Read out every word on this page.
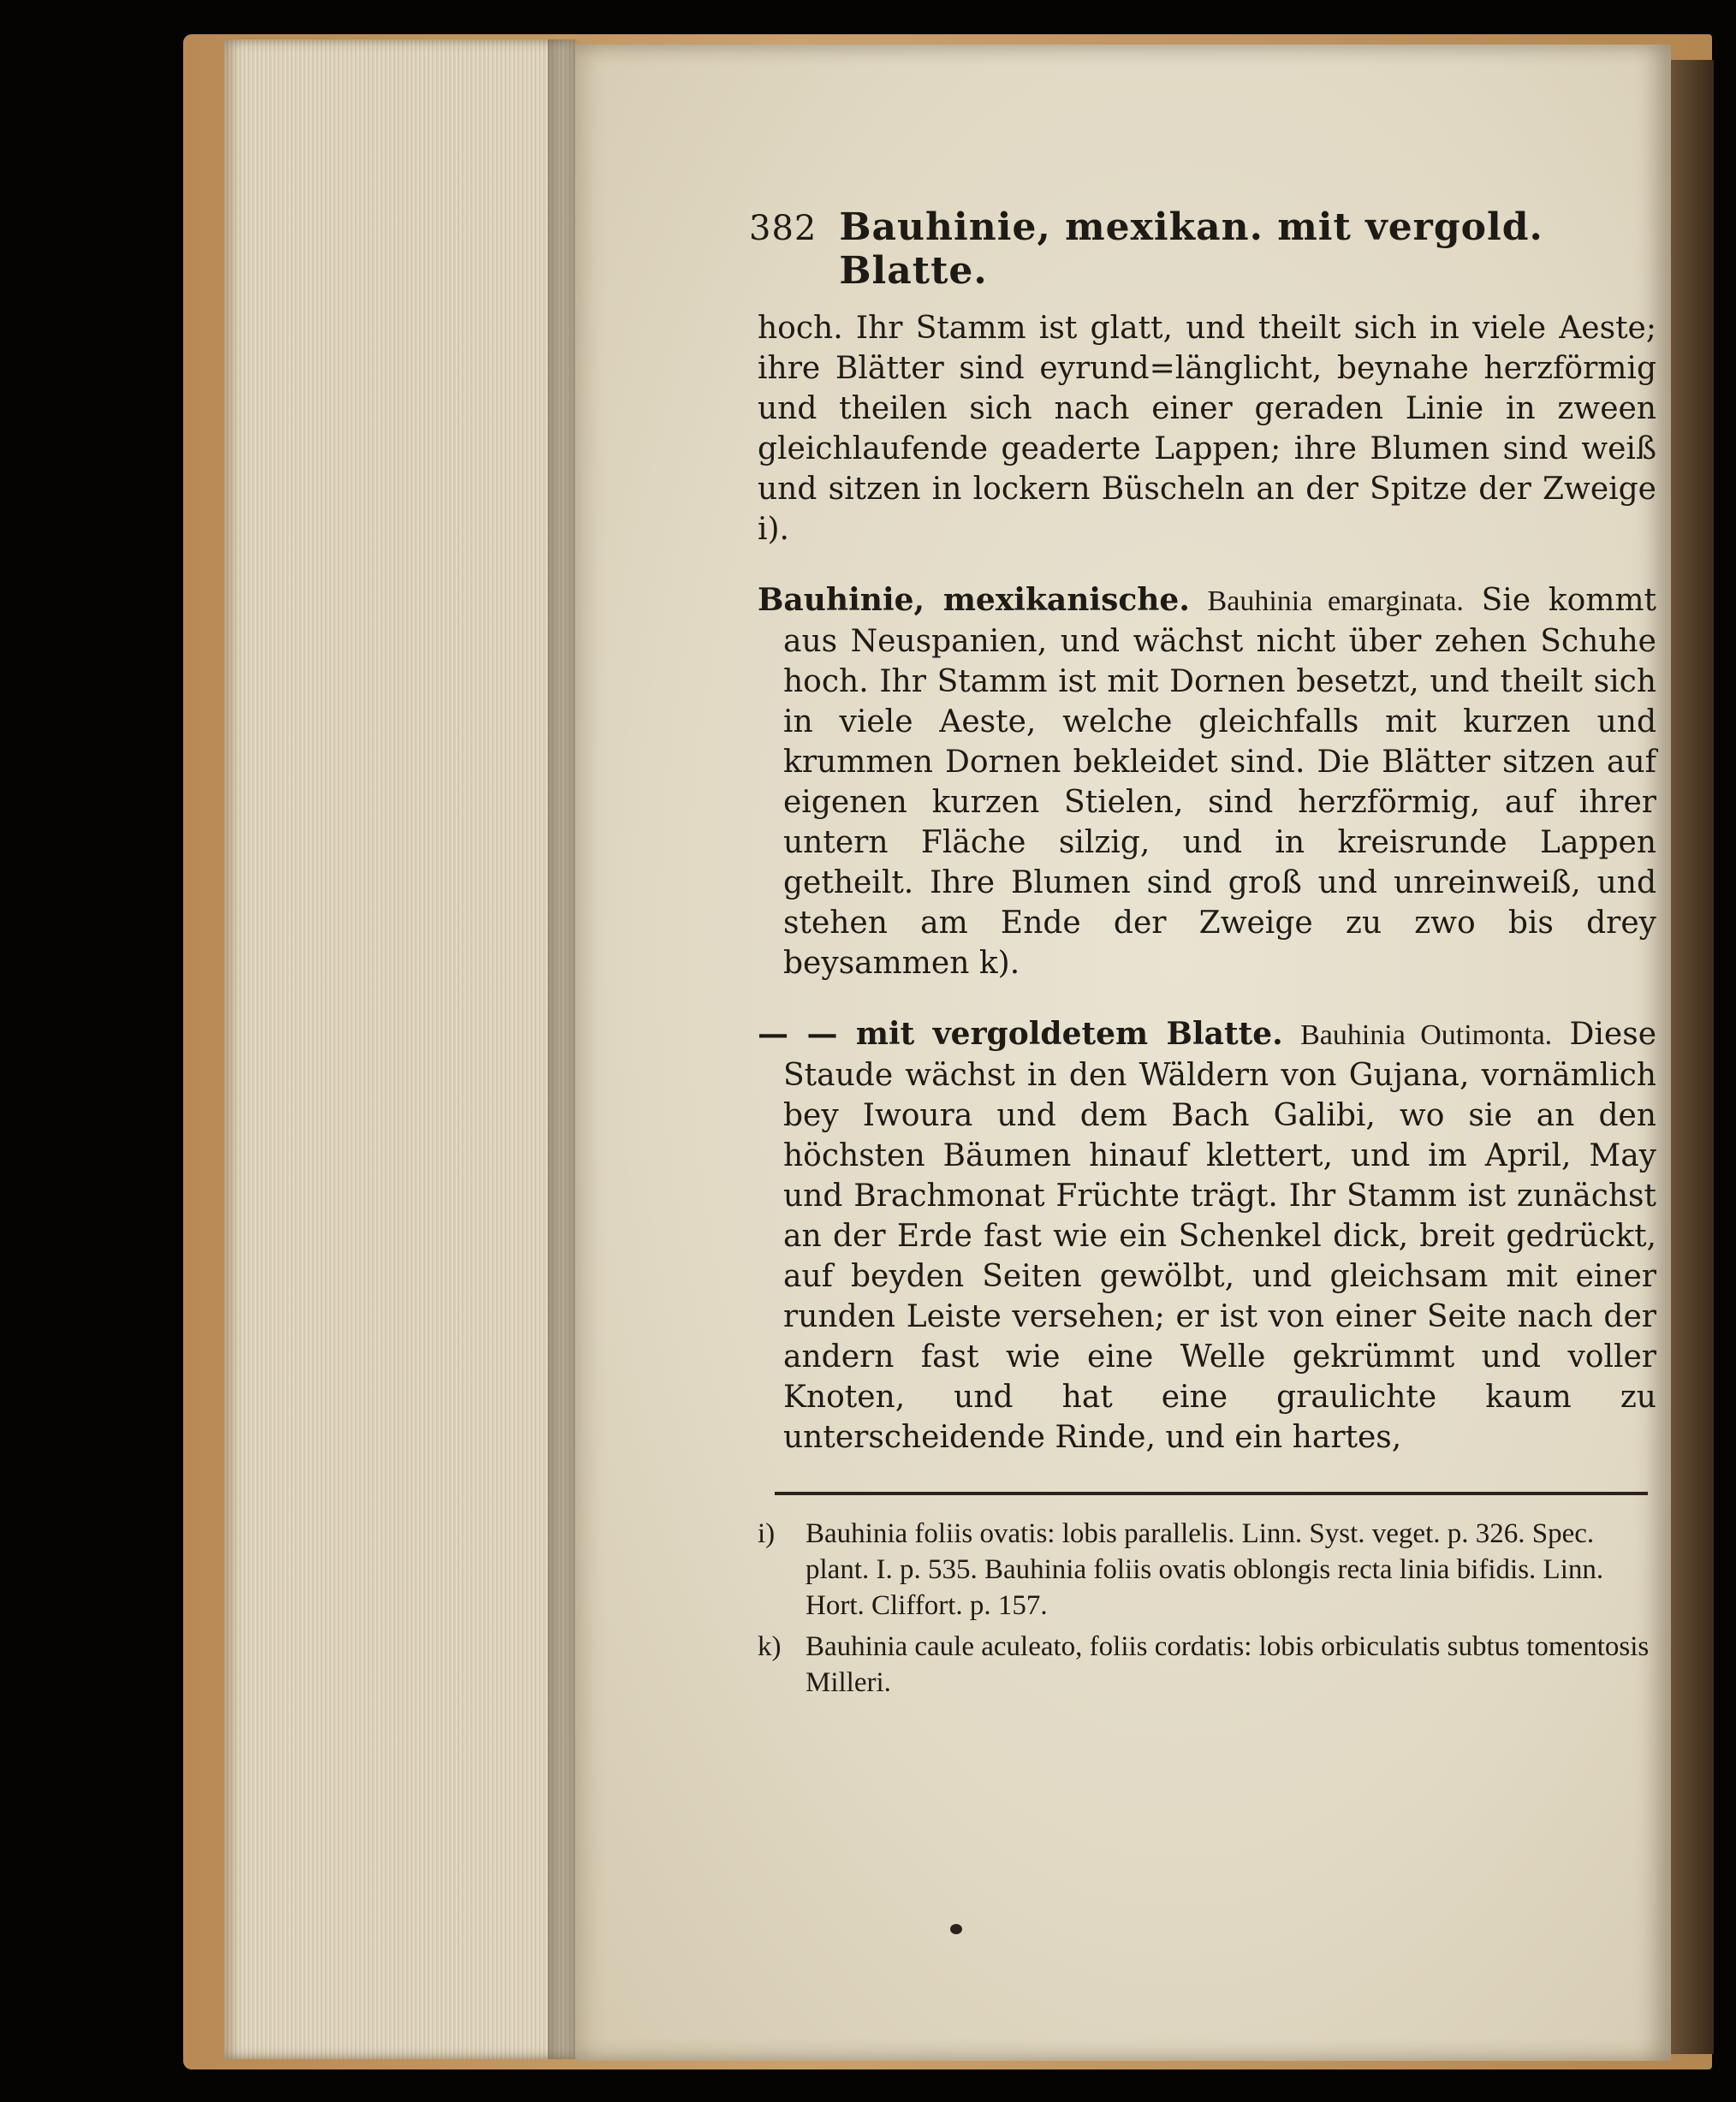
382 Bauhinie, mexikan. mit vergold. Blatte.

hoch. Ihr Stamm ist glatt, und theilt sich in viele Aeste; ihre Blätter sind eyrund=länglicht, beynahe herzförmig und theilen sich nach einer geraden Linie in zween gleichlaufende geaderte Lappen; ihre Blumen sind weiß und sitzen in lockern Büscheln an der Spitze der Zweige i).

Bauhinie, mexikanische. Bauhinia emarginata. Sie kommt aus Neuspanien, und wächst nicht über zehen Schuhe hoch. Ihr Stamm ist mit Dornen besetzt, und theilt sich in viele Aeste, welche gleichfalls mit kurzen und krummen Dornen bekleidet sind. Die Blätter sitzen auf eigenen kurzen Stielen, sind herzförmig, auf ihrer untern Fläche silzig, und in kreisrunde Lappen getheilt. Ihre Blumen sind groß und unreinweiß, und stehen am Ende der Zweige zu zwo bis drey beysammen k).

— — mit vergoldetem Blatte. Bauhinia Outimonta. Diese Staude wächst in den Wäldern von Gujana, vornämlich bey Iwoura und dem Bach Galibi, wo sie an den höchsten Bäumen hinauf klettert, und im April, May und Brachmonat Früchte trägt. Ihr Stamm ist zunächst an der Erde fast wie ein Schenkel dick, breit gedrückt, auf beyden Seiten gewölbt, und gleichsam mit einer runden Leiste versehen; er ist von einer Seite nach der andern fast wie eine Welle gekrümmt und voller Knoten, und hat eine graulichte kaum zu unterscheidende Rinde, und ein hartes,

i)	Bauhinia foliis ovatis: lobis parallelis. Linn. Syst. veget. p. 326. Spec. plant. I. p. 535. Bauhinia foliis ovatis oblongis recta linia bifidis. Linn. Hort. Cliffort. p. 157.
k) Bauhinia caule aculeato, foliis cordatis: lobis orbiculatis subtus tomentosis Milleri.
